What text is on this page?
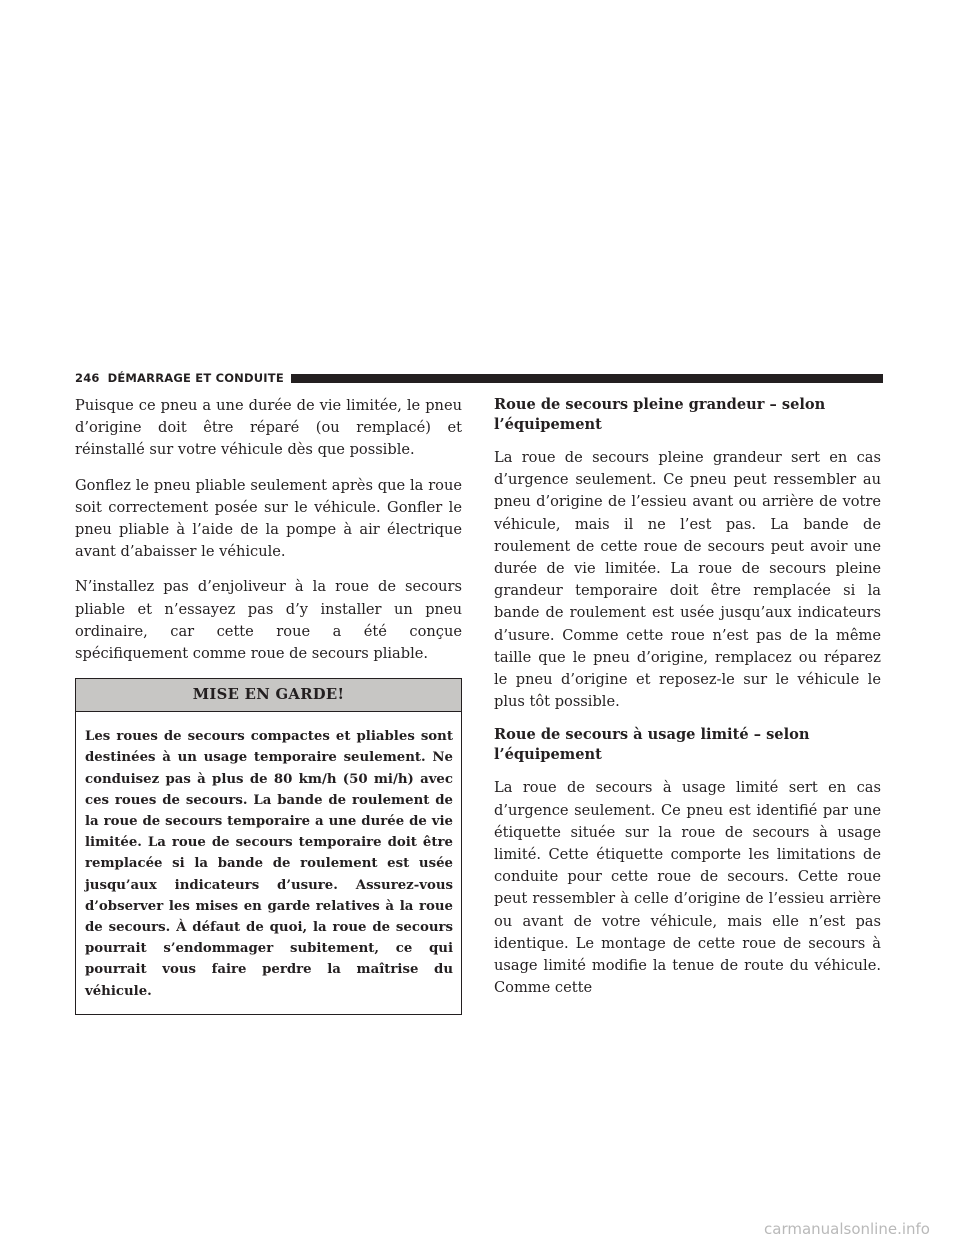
246 DÉMARRAGE ET CONDUITE

Puisque ce pneu a une durée de vie limitée, le pneu d’origine doit être réparé (ou remplacé) et réinstallé sur votre véhicule dès que possible.

Gonflez le pneu pliable seulement après que la roue soit correctement posée sur le véhicule. Gonfler le pneu pliable à l’aide de la pompe à air électrique avant d’abaisser le véhicule.

N’installez pas d’enjoliveur à la roue de secours pliable et n’essayez pas d’y installer un pneu ordinaire, car cette roue a été conçue spécifiquement comme roue de secours pliable.

MISE EN GARDE!

Les roues de secours compactes et pliables sont destinées à un usage temporaire seulement. Ne conduisez pas à plus de 80 km/h (50 mi/h) avec ces roues de secours. La bande de roulement de la roue de secours temporaire a une durée de vie limitée. La roue de secours temporaire doit être remplacée si la bande de roulement est usée jusqu’aux indicateurs d’usure. Assurez-vous d’observer les mises en garde relatives à la roue de secours. À défaut de quoi, la roue de secours pourrait s’endommager subitement, ce qui pourrait vous faire perdre la maîtrise du véhicule.

Roue de secours pleine grandeur – selon l’équipement

La roue de secours pleine grandeur sert en cas d’urgence seulement. Ce pneu peut ressembler au pneu d’origine de l’essieu avant ou arrière de votre véhicule, mais il ne l’est pas. La bande de roulement de cette roue de secours peut avoir une durée de vie limitée. La roue de secours pleine grandeur temporaire doit être remplacée si la bande de roulement est usée jusqu’aux indicateurs d’usure. Comme cette roue n’est pas de la même taille que le pneu d’origine, remplacez ou réparez le pneu d’origine et reposez-le sur le véhicule le plus tôt possible.

Roue de secours à usage limité – selon l’équipement

La roue de secours à usage limité sert en cas d’urgence seulement. Ce pneu est identifié par une étiquette située sur la roue de secours à usage limité. Cette étiquette comporte les limitations de conduite pour cette roue de secours. Cette roue peut ressembler à celle d’origine de l’essieu arrière ou avant de votre véhicule, mais elle n’est pas identique. Le montage de cette roue de secours à usage limité modifie la tenue de route du véhicule. Comme cette

carmanualsonline.info
